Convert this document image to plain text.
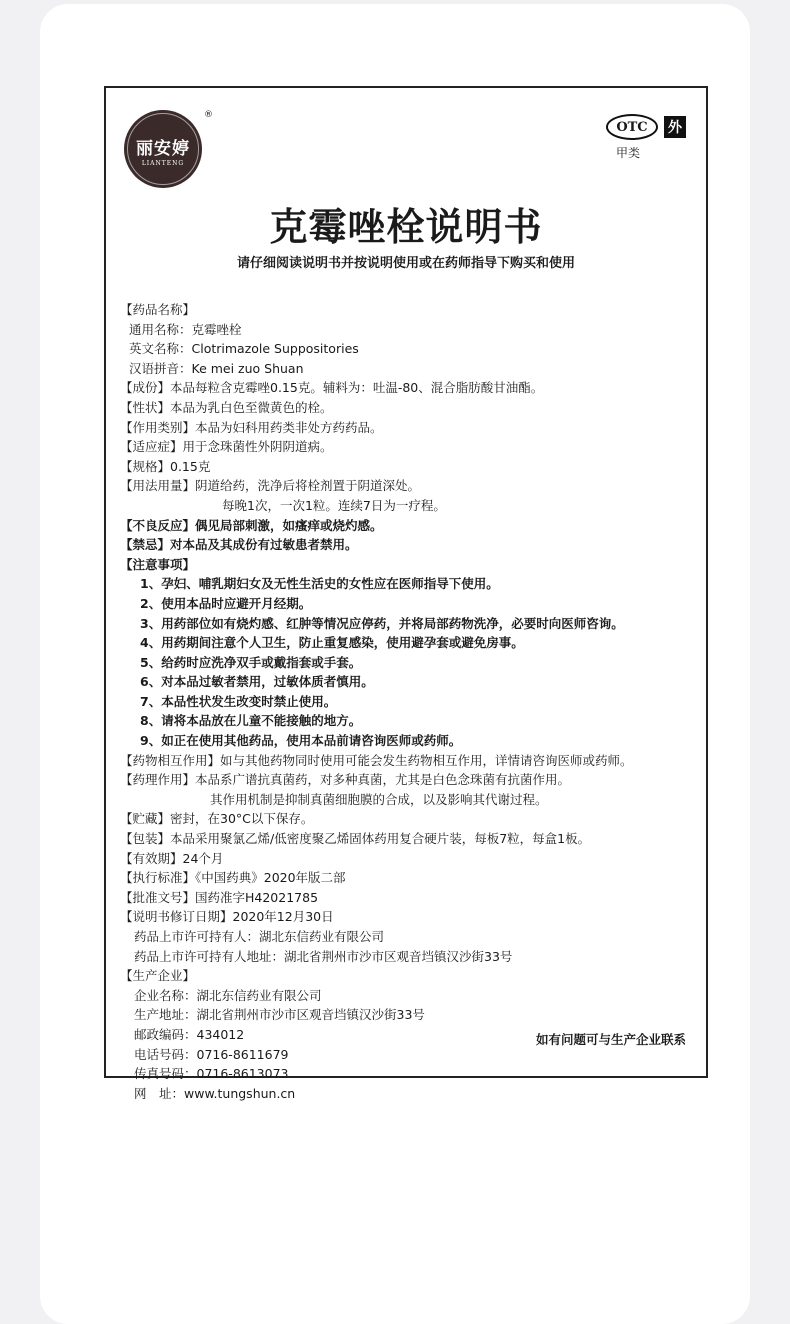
丽安婷
LIANTENG
®
OTC	外
甲类
克霉唑栓说明书
请仔细阅读说明书并按说明使用或在药师指导下购买和使用
【药品名称】
通用名称：克霉唑栓
英文名称：Clotrimazole Suppositories
汉语拼音：Ke mei zuo Shuan
【成份】本品每粒含克霉唑0.15克。辅料为：吐温-80、混合脂肪酸甘油酯。
【性状】本品为乳白色至微黄色的栓。
【作用类别】本品为妇科用药类非处方药药品。
【适应症】用于念珠菌性外阴阴道病。
【规格】0.15克
【用法用量】阴道给药，洗净后将栓剂置于阴道深处。
每晚1次，一次1粒。连续7日为一疗程。
【不良反应】偶见局部刺激，如瘙痒或烧灼感。
【禁忌】对本品及其成份有过敏患者禁用。
【注意事项】
1、孕妇、哺乳期妇女及无性生活史的女性应在医师指导下使用。
2、使用本品时应避开月经期。
3、用药部位如有烧灼感、红肿等情况应停药，并将局部药物洗净，必要时向医师咨询。
4、用药期间注意个人卫生，防止重复感染，使用避孕套或避免房事。
5、给药时应洗净双手或戴指套或手套。
6、对本品过敏者禁用，过敏体质者慎用。
7、本品性状发生改变时禁止使用。
8、请将本品放在儿童不能接触的地方。
9、如正在使用其他药品，使用本品前请咨询医师或药师。
【药物相互作用】如与其他药物同时使用可能会发生药物相互作用，详情请咨询医师或药师。
【药理作用】本品系广谱抗真菌药，对多种真菌，尤其是白色念珠菌有抗菌作用。
其作用机制是抑制真菌细胞膜的合成，以及影响其代谢过程。
【贮藏】密封，在30°C以下保存。
【包装】本品采用聚氯乙烯/低密度聚乙烯固体药用复合硬片装，每板7粒，每盒1板。
【有效期】24个月
【执行标准】《中国药典》2020年版二部
【批准文号】国药准字H42021785
【说明书修订日期】2020年12月30日
药品上市许可持有人：湖北东信药业有限公司
药品上市许可持有人地址：湖北省荆州市沙市区观音垱镇汉沙街33号
【生产企业】
企业名称：湖北东信药业有限公司
生产地址：湖北省荆州市沙市区观音垱镇汉沙街33号
邮政编码：434012
电话号码：0716-8611679
传真号码：0716-8613073
网　址：www.tungshun.cn
如有问题可与生产企业联系
